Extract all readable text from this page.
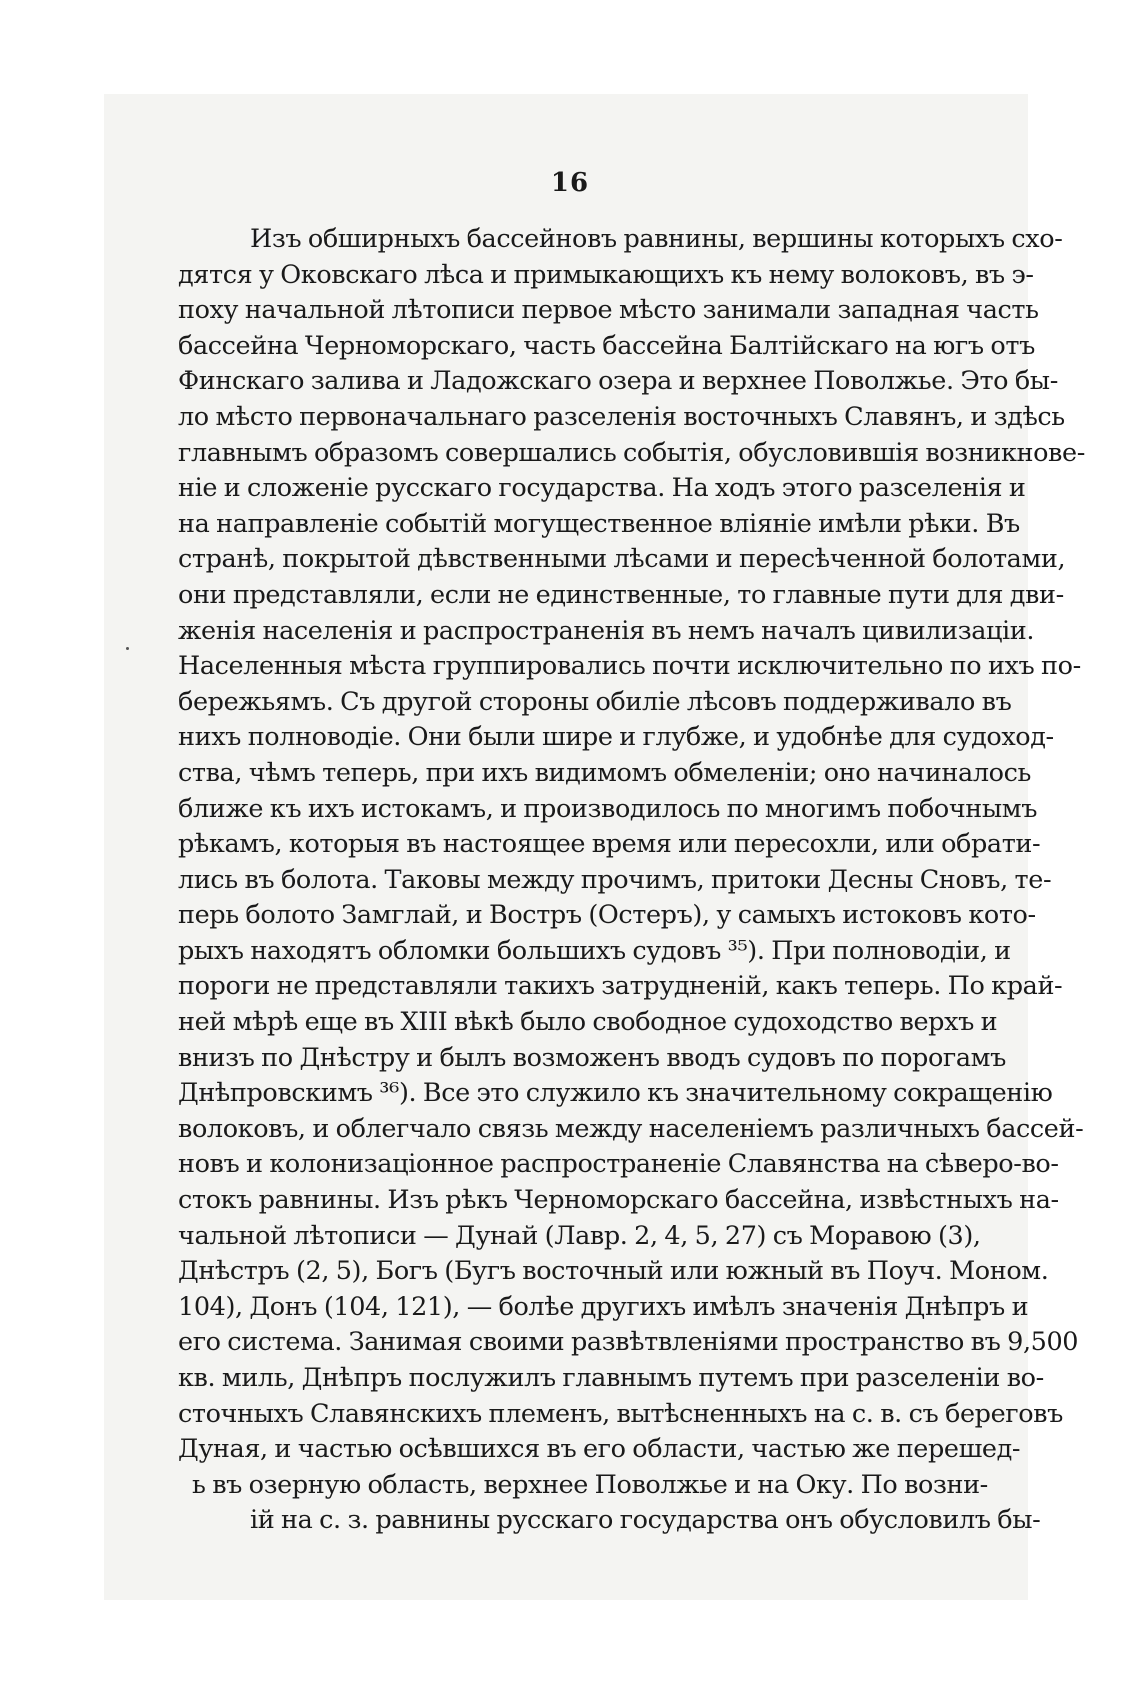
16
Изъ обширныхъ бассейновъ равнины, вершины которыхъ схо-
дятся у Оковскаго лѣса и примыкающихъ къ нему волоковъ, въ э-
поху начальной лѣтописи первое мѣсто занимали западная часть
бассейна Черноморскаго, часть бассейна Балтійскаго на югъ отъ
Финскаго залива и Ладожскаго озера и верхнее Поволжье. Это бы-
ло мѣсто первоначальнаго разселенія восточныхъ Славянъ, и здѣсь
главнымъ образомъ совершались событія, обусловившія возникнове-
ніе и сложеніе русскаго государства. На ходъ этого разселенія и
на направленіе событій могущественное вліяніе имѣли рѣки. Въ
странѣ, покрытой дѣвственными лѣсами и пересѣченной болотами,
они представляли, если не единственные, то главные пути для дви-
женія населенія и распространенія въ немъ началъ цивилизаціи.
Населенныя мѣста группировались почти исключительно по ихъ по-
бережьямъ. Съ другой стороны обиліе лѣсовъ поддерживало въ
нихъ полноводіе. Они были шире и глубже, и удобнѣе для судоход-
ства, чѣмъ теперь, при ихъ видимомъ обмеленіи; оно начиналось
ближе къ ихъ истокамъ, и производилось по многимъ побочнымъ
рѣкамъ, которыя въ настоящее время или пересохли, или обрати-
лись въ болота. Таковы между прочимъ, притоки Десны Сновъ, те-
перь болото Замглай, и Востръ (Остеръ), у самыхъ истоковъ кото-
рыхъ находятъ обломки большихъ судовъ ³⁵). При полноводіи, и
пороги не представляли такихъ затрудненій, какъ теперь. По край-
ней мѣрѣ еще въ XIII вѣкѣ было свободное судоходство верхъ и
внизъ по Днѣстру и былъ возможенъ вводъ судовъ по порогамъ
Днѣпровскимъ ³⁶). Все это служило къ значительному сокращенію
волоковъ, и облегчало связь между населеніемъ различныхъ бассей-
новъ и колонизаціонное распространеніе Славянства на сѣверо-во-
стокъ равнины. Изъ рѣкъ Черноморскаго бассейна, извѣстныхъ на-
чальной лѣтописи — Дунай (Лавр. 2, 4, 5, 27) съ Моравою (3),
Днѣстръ (2, 5), Богъ (Бугъ восточный или южный въ Поуч. Моном.
104), Донъ (104, 121), — болѣе другихъ имѣлъ значенія Днѣпръ и
его система. Занимая своими развѣтвленіями пространство въ 9,500
кв. миль, Днѣпръ послужилъ главнымъ путемъ при разселеніи во-
сточныхъ Славянскихъ племенъ, вытѣсненныхъ на с. в. съ береговъ
Дуная, и частью осѣвшихся въ его области, частью же перешед-
ь въ озерную область, верхнее Поволжье и на Оку. По возни-
ій на с. з. равнины русскаго государства онъ обусловилъ бы-
